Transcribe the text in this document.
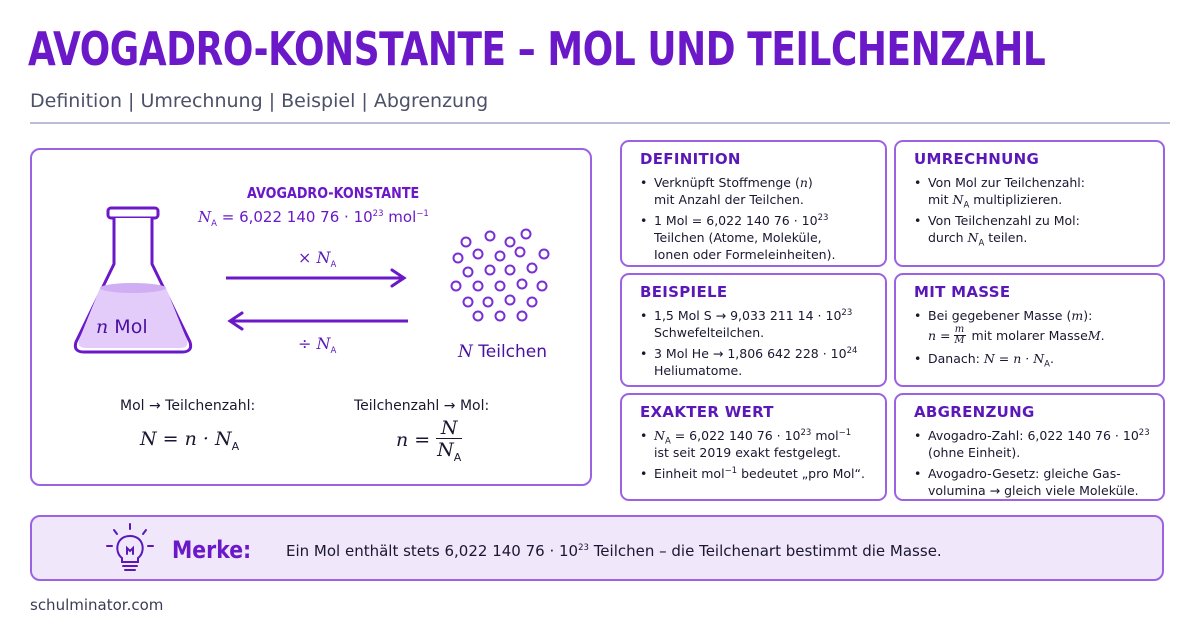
AVOGADRO-KONSTANTE – MOL UND TEILCHENZAHL
Definition | Umrechnung | Beispiel | Abgrenzung
AVOGADRO-KONSTANTE
$N_A = 6,022$ 140 $76 \cdot 10^{23}$ mol$^{-1}$
n Mol
× $N_A$
÷ $N_A$	N Teilchen
Mol → Teilchenzahl:
$N = n \cdot N_A$
Teilchenzahl → Mol:
n =
N
$N_A$
DEFINITION
• Verknüpft Stoffmenge (n)
mit Anzahl der Teilchen.
• 1 Mol = 6,022 140 $76 \cdot 10^{23}$
Teilchen (Atome, Moleküle,
Ionen oder Formeleinheiten).
UMRECHNUNG
• Von Mol zur Teilchenzahl:
mit $N_A$ multiplizieren.
• Von Teilchenzahl zu Mol:
durch $N_A$ teilen.
BEISPIELE
• 1,5 Mol S → 9,033 211 $14 \cdot 10^{23}$
Schwefelteilchen.
• 3 Mol He → 1,806 642 $228 \cdot 10^{24}$
Heliumatome.
MIT MASSE
• Bei gegebener Masse (m):
n = m
M mit molarer Masse M .
• Danach: $N = n \cdot N_A$.
EXAKTER WERT
• $N_A = 6,022$ 140 $76 \cdot 10^{23}$ mol$^{-1}$
ist seit 2019 exakt festgelegt.
• Einheit mol$^{-1}$ bedeutet „pro Mol“.
ABGRENZUNG
• Avogadro-Zahl: 6,022 140 $76 \cdot 10^{23}$
(ohne Einheit).
• Avogadro-Gesetz: gleiche Gas-
volumina → gleich viele Moleküle.
Merke: Ein Mol enthält stets 6,022 140 $76 \cdot 10^{23}$ Teilchen – die Teilchenart bestimmt die Masse.
schulminator.com
